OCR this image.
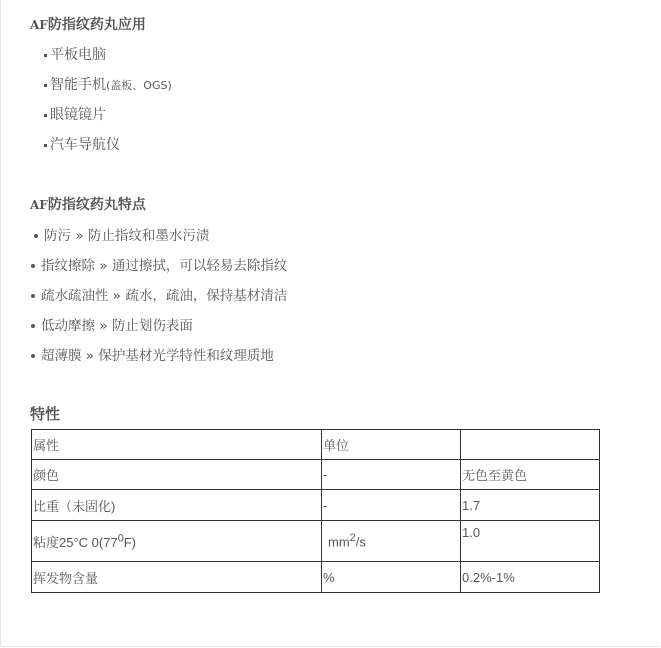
AF防指纹药丸应用
平板电脑
智能手机(盖板、OGS)
眼镜镜片
汽车导航仪
AF防指纹药丸特点
防污 » 防止指纹和墨水污渍
指纹擦除 » 通过擦拭，可以轻易去除指纹
疏水疏油性 » 疏水，疏油，保持基材清洁
低动摩擦 » 防止划伤表面
超薄膜 » 保护基材光学特性和纹理质地
特性
属性	单位	
颜色	-	无色至黄色
比重（未固化)	-	1.7
粘度25°C $0(77^0F)$	$mm^2/s$	1.0
挥发物含量	%	0.2%-1%
